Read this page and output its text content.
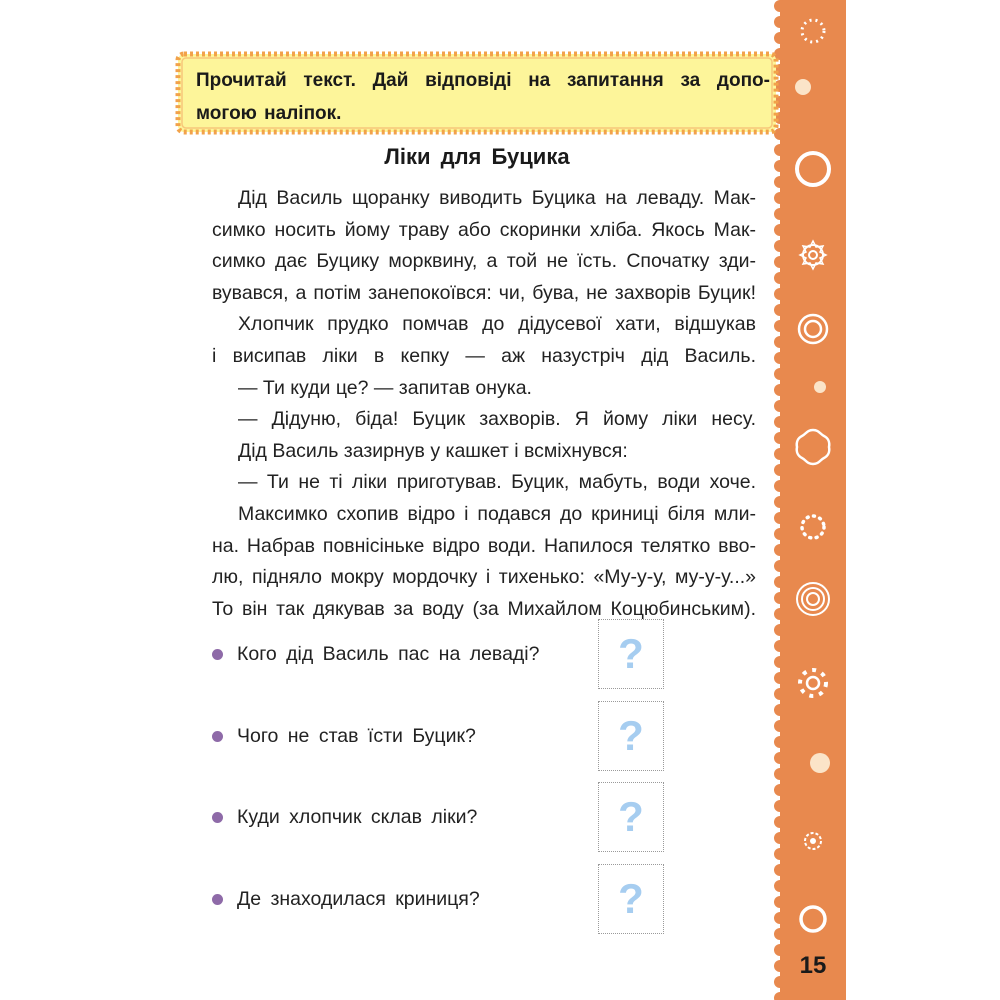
15
Прочитай текст. Дай відповіді на запитання за допо-
могою наліпок.
Ліки для Буцика
Дід Василь щоранку виводить Буцика на леваду. Мак-
симко носить йому траву або скоринки хліба. Якось Мак-
симко дає Буцику морквину, а той не їсть. Спочатку зди-
вувався, а потім занепокоївся: чи, бува, не захворів Буцик!
Хлопчик прудко помчав до дідусевої хати, відшукав
і висипав ліки в кепку — аж назустріч дід Василь.
— Ти куди це? — запитав онука.
— Дідуню, біда! Буцик захворів. Я йому ліки несу.
Дід Василь зазирнув у кашкет і всміхнувся:
— Ти не ті ліки приготував. Буцик, мабуть, води хоче.
Максимко схопив відро і подався до криниці біля мли-
на. Набрав повнісіньке відро води. Напилося телятко вво-
лю, підняло мокру мордочку і тихенько: «Му-у-у, му-у-у...»
То він так дякував за воду (за Михайлом Коцюбинським).
Кого дід Василь пас на леваді? ?
Чого не став їсти Буцик?	?
Куди хлопчик склав ліки?	?
Де знаходилася криниця?	?
